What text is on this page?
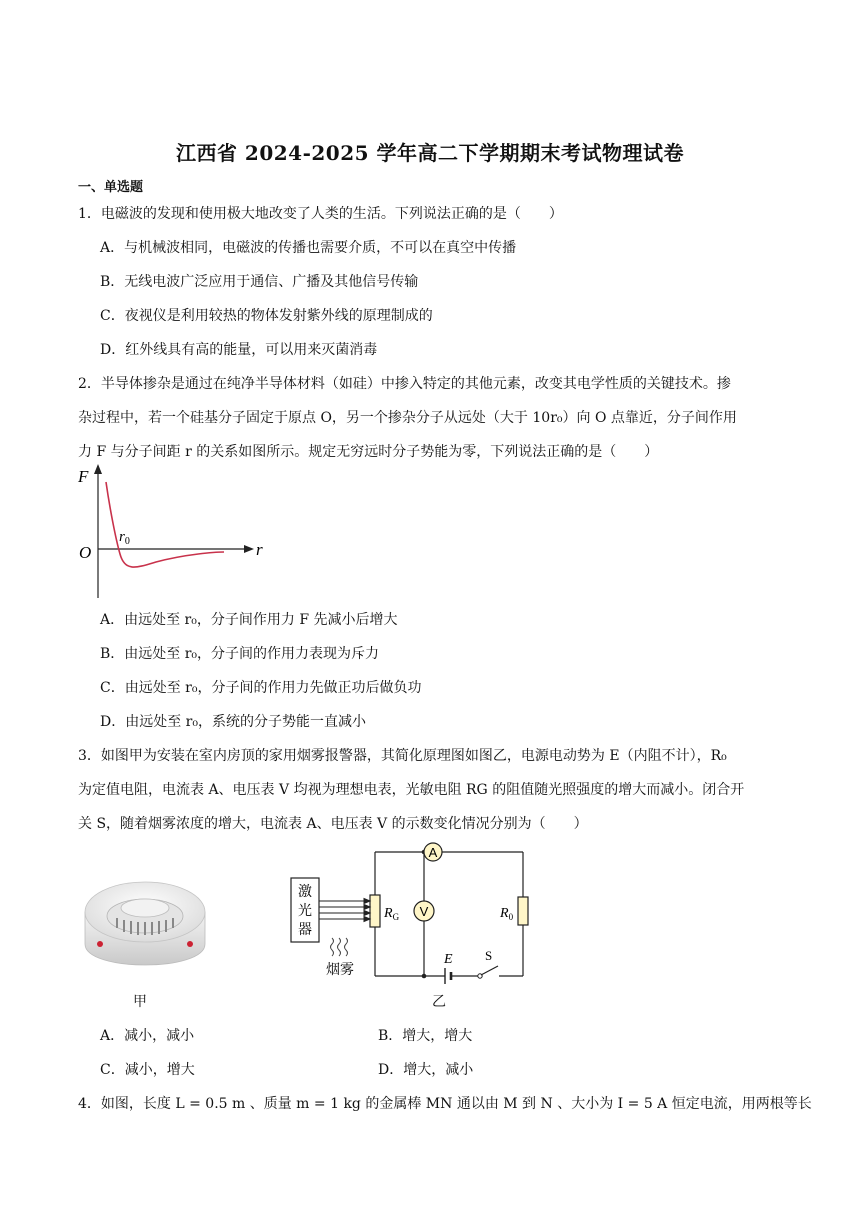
江西省 2024-2025 学年高二下学期期末考试物理试卷
一、单选题
1．电磁波的发现和使用极大地改变了人类的生活。下列说法正确的是（　　）
A．与机械波相同，电磁波的传播也需要介质，不可以在真空中传播
B．无线电波广泛应用于通信、广播及其他信号传输
C．夜视仪是利用较热的物体发射紫外线的原理制成的
D．红外线具有高的能量，可以用来灭菌消毒
2．半导体掺杂是通过在纯净半导体材料（如硅）中掺入特定的其他元素，改变其电学性质的关键技术。掺
杂过程中，若一个硅基分子固定于原点 O，另一个掺杂分子从远处（大于 10r₀）向 O 点靠近，分子间作用
力 F 与分子间距 r 的关系如图所示。规定无穷远时分子势能为零，下列说法正确的是（　　）
F
r
O
$r_0$
A．由远处至 r₀，分子间作用力 F 先减小后增大
B．由远处至 r₀，分子间的作用力表现为斥力
C．由远处至 r₀，分子间的作用力先做正功后做负功
D．由远处至 r₀，系统的分子势能一直减小
3．如图甲为安装在室内房顶的家用烟雾报警器，其简化原理图如图乙，电源电动势为 E（内阻不计），R₀
为定值电阻，电流表 A、电压表 V 均视为理想电表，光敏电阻 RG 的阻值随光照强度的增大而减小。闭合开
关 S，随着烟雾浓度的增大，电流表 A、电压表 V 的示数变化情况分别为（　　）
甲
A
V
$R_G$	$R_0$
E S
激
光
器
烟雾
乙
A．减小，减小	B．增大，增大
C．减小，增大	D．增大，减小
4．如图，长度 L = 0.5 m 、质量 m = 1 kg 的金属棒 MN 通以由 M 到 N 、大小为 I = 5 A 恒定电流，用两根等长
